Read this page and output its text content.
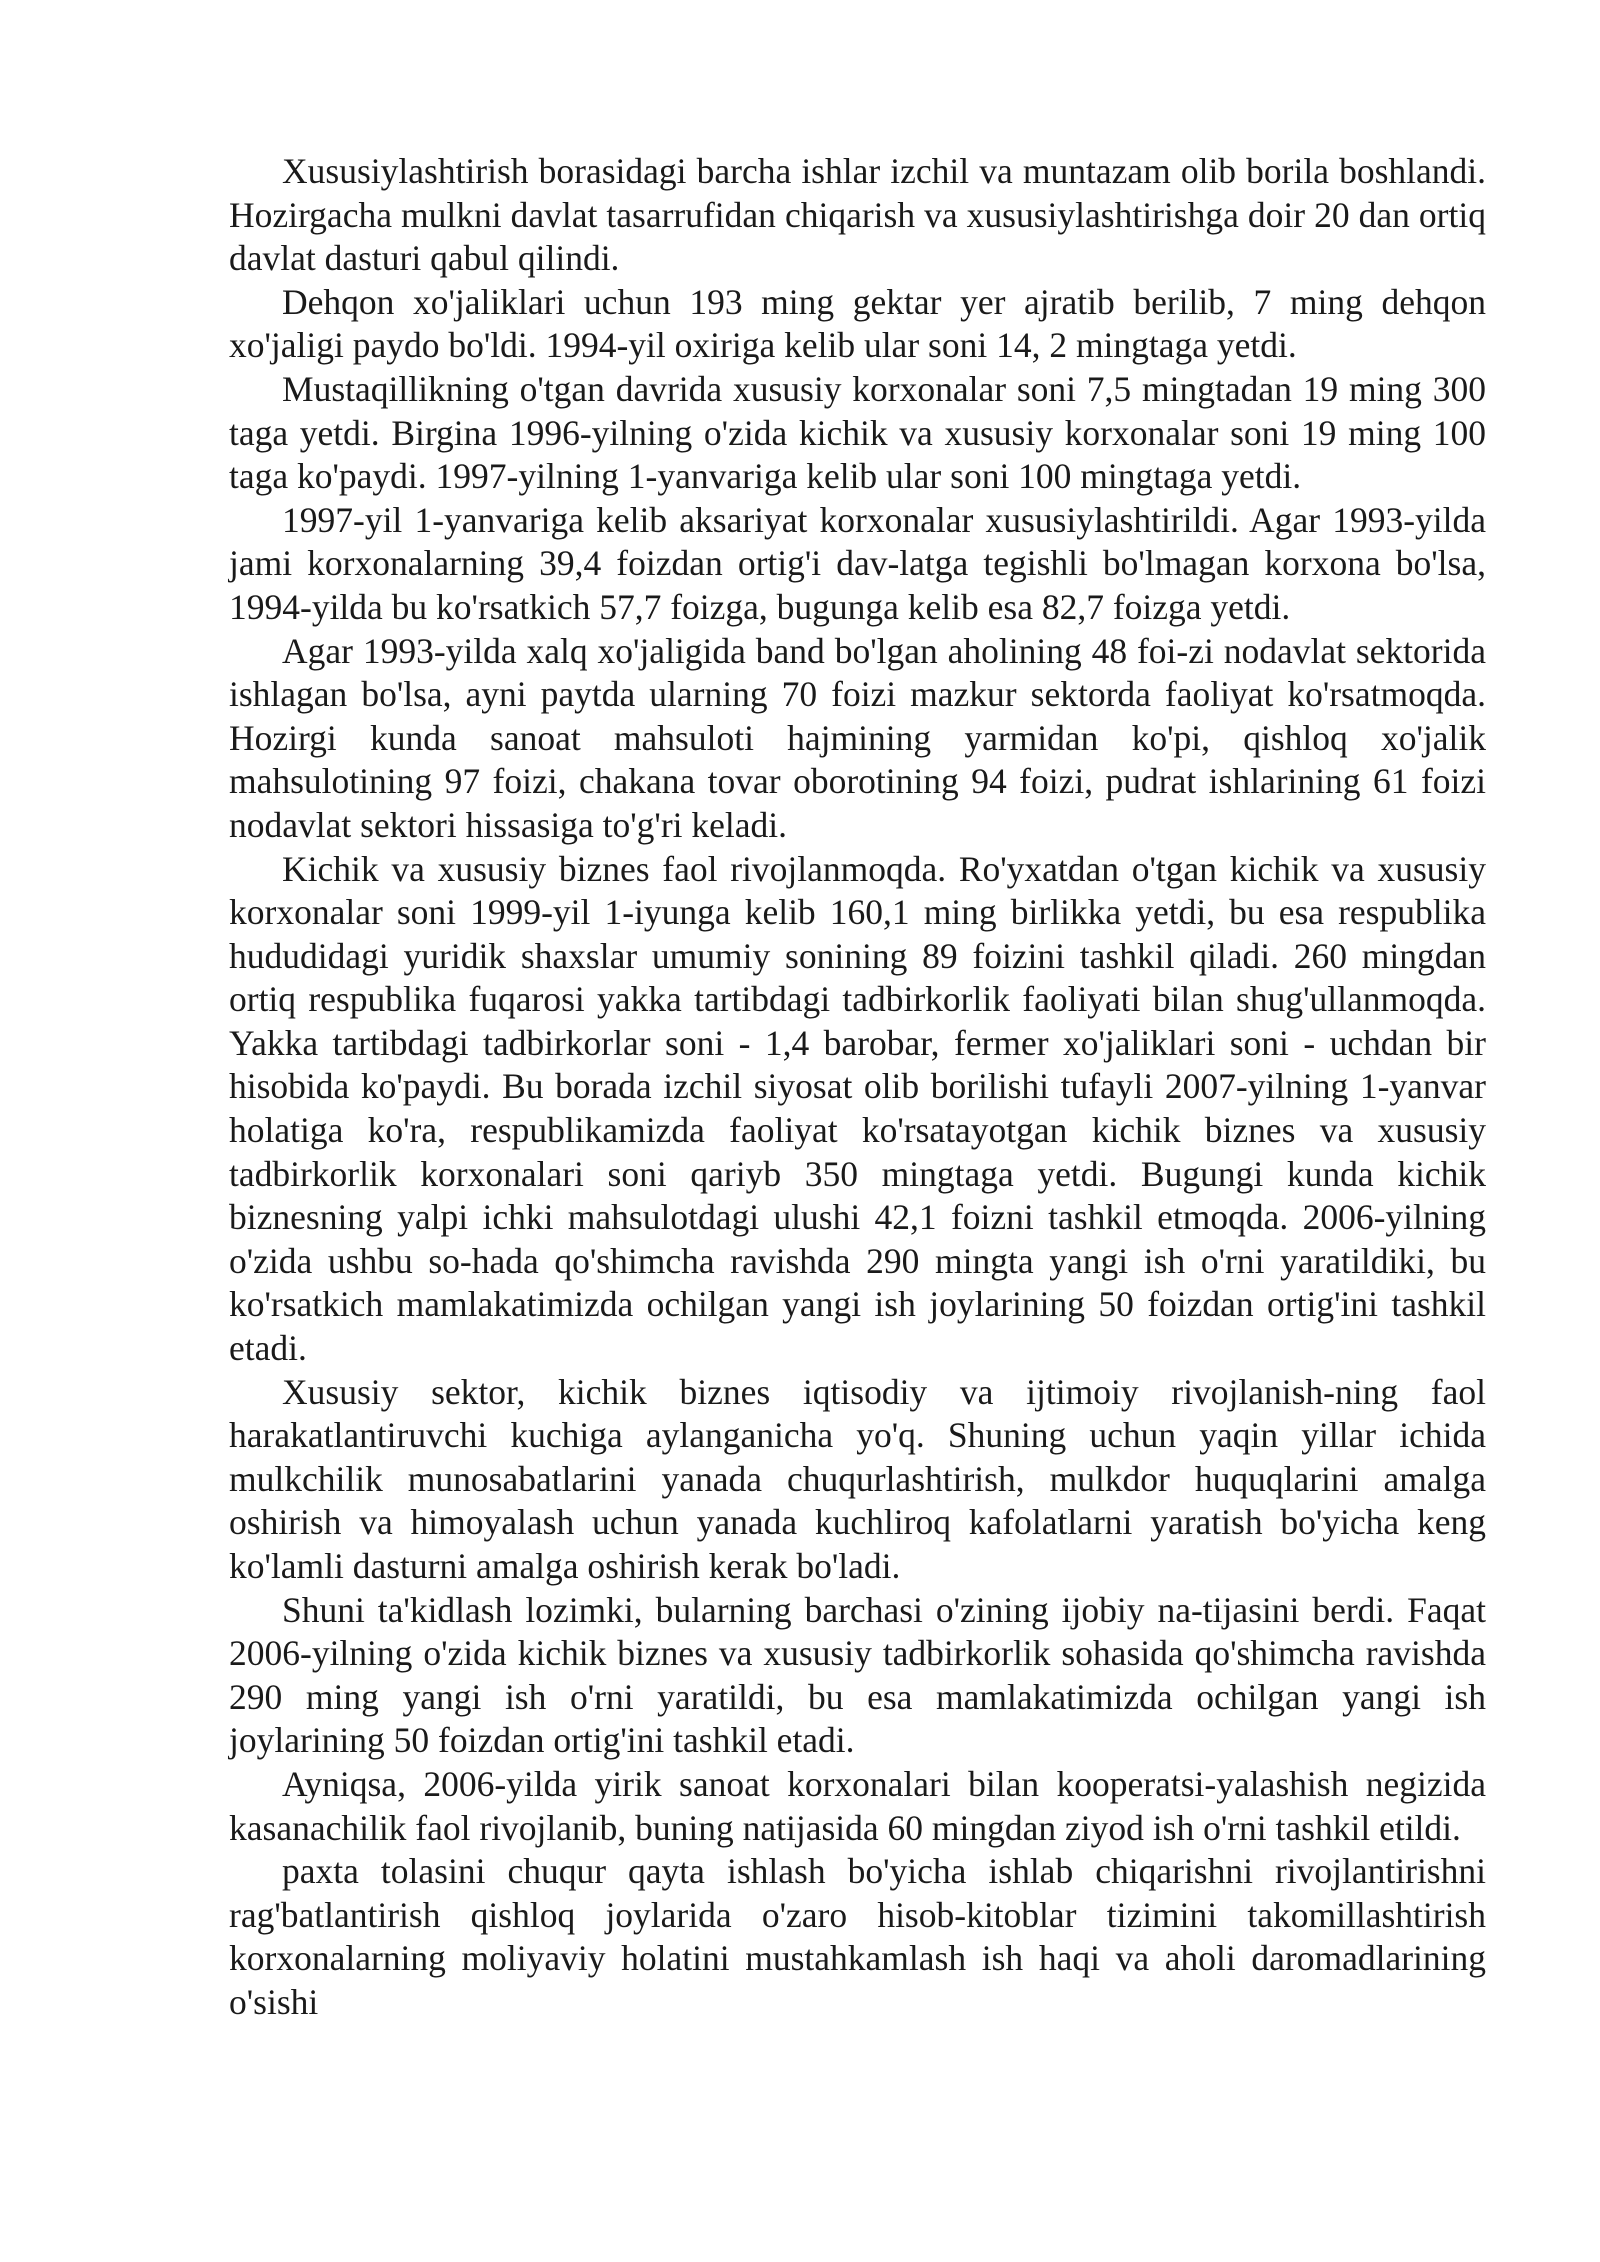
Xususiylashtirish borasidagi barcha ishlar izchil va muntazam olib borila boshlandi. Hozirgacha mulkni davlat tasarrufidan chiqarish va xususiylashtirishga doir 20 dan ortiq davlat dasturi qabul qilindi.

Dehqon xo'jaliklari uchun 193 ming gektar yer ajratib berilib, 7 ming dehqon xo'jaligi paydo bo'ldi. 1994-yil oxiriga kelib ular soni 14, 2 mingtaga yetdi.

Mustaqillikning o'tgan davrida xususiy korxonalar soni 7,5 mingtadan 19 ming 300 taga yetdi. Birgina 1996-yilning o'zida kichik va xususiy korxonalar soni 19 ming 100 taga ko'paydi. 1997-yilning 1-yanvariga kelib ular soni 100 mingtaga yetdi.

1997-yil 1-yanvariga kelib aksariyat korxonalar xususiylashtirildi. Agar 1993-yilda jami korxonalarning 39,4 foizdan ortig'i dav-latga tegishli bo'lmagan korxona bo'lsa, 1994-yilda bu ko'rsatkich 57,7 foizga, bugunga kelib esa 82,7 foizga yetdi.

Agar 1993-yilda xalq xo'jaligida band bo'lgan aholining 48 foi-zi nodavlat sektorida ishlagan bo'lsa, ayni paytda ularning 70 foizi mazkur sektorda faoliyat ko'rsatmoqda. Hozirgi kunda sanoat mahsuloti hajmining yarmidan ko'pi, qishloq xo'jalik mahsulotining 97 foizi, chakana tovar oborotining 94 foizi, pudrat ishlarining 61 foizi nodavlat sektori hissasiga to'g'ri keladi.

Kichik va xususiy biznes faol rivojlanmoqda. Ro'yxatdan o'tgan kichik va xususiy korxonalar soni 1999-yil 1-iyunga kelib 160,1 ming birlikka yetdi, bu esa respublika hududidagi yuridik shaxslar umumiy sonining 89 foizini tashkil qiladi. 260 mingdan ortiq respublika fuqarosi yakka tartibdagi tadbirkorlik faoliyati bilan shug'ullanmoqda. Yakka tartibdagi tadbirkorlar soni - 1,4 barobar, fermer xo'jaliklari soni - uchdan bir hisobida ko'paydi. Bu borada izchil siyosat olib borilishi tufayli 2007-yilning 1-yanvar holatiga ko'ra, respublikamizda faoliyat ko'rsatayotgan kichik biznes va xususiy tadbirkorlik korxonalari soni qariyb 350 mingtaga yetdi. Bugungi kunda kichik biznesning yalpi ichki mahsulotdagi ulushi 42,1 foizni tashkil etmoqda. 2006-yilning o'zida ushbu so-hada qo'shimcha ravishda 290 mingta yangi ish o'rni yaratildiki, bu ko'rsatkich mamlakatimizda ochilgan yangi ish joylarining 50 foizdan ortig'ini tashkil etadi.

Xususiy sektor, kichik biznes iqtisodiy va ijtimoiy rivojlanish-ning faol harakatlantiruvchi kuchiga aylanganicha yo'q. Shuning uchun yaqin yillar ichida mulkchilik munosabatlarini yanada chuqurlashtirish, mulkdor huquqlarini amalga oshirish va himoyalash uchun yanada kuchliroq kafolatlarni yaratish bo'yicha keng ko'lamli dasturni amalga oshirish kerak bo'ladi.

Shuni ta'kidlash lozimki, bularning barchasi o'zining ijobiy na-tijasini berdi. Faqat 2006-yilning o'zida kichik biznes va xususiy tadbirkorlik sohasida qo'shimcha ravishda 290 ming yangi ish o'rni yaratildi, bu esa mamlakatimizda ochilgan yangi ish joylarining 50 foizdan ortig'ini tashkil etadi.

Ayniqsa, 2006-yilda yirik sanoat korxonalari bilan kooperatsi-yalashish negizida kasanachilik faol rivojlanib, buning natijasida 60 mingdan ziyod ish o'rni tashkil etildi.

paxta tolasini chuqur qayta ishlash bo'yicha ishlab chiqarishni rivojlantirishni rag'batlantirish qishloq joylarida o'zaro hisob-kitoblar tizimini takomillashtirish korxonalarning moliyaviy holatini mustahkamlash ish haqi va aholi daromadlarining o'sishi
